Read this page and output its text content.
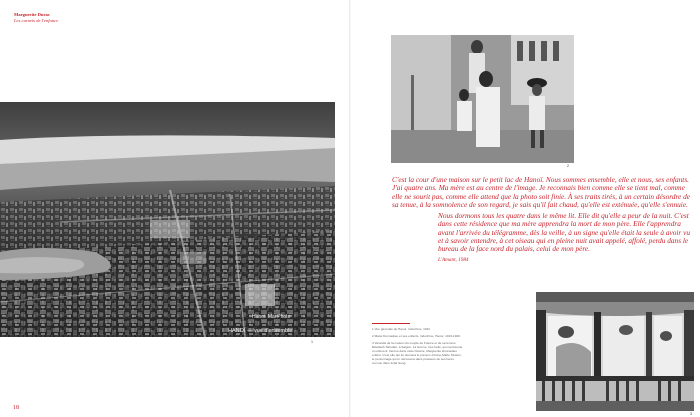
Marguerite Duras
Les carnets de l'enfance
Hanoi. Mai Photo
HANOÏ — vue d'ensemble
1
2

C'est la cour d'une maison sur le petit lac de Hanoï. Nous sommes ensemble, elle et nous, ses enfants. J'ai quatre ans. Ma mère est au centre de l'image. Je reconnais bien comme elle se tient mal, comme elle ne sourit pas, comme elle attend que la photo soit finie. À ses traits tirés, à un certain désordre de sa tenue, à la somnolence de son regard, je sais qu'il fait chaud, qu'elle est exténuée, qu'elle s'ennuie.

Nous dormons tous les quatre dans le même lit. Elle dit qu'elle a peur de la nuit. C'est dans cette résidence que ma mère apprendra la mort de mon père. Elle l'apprendra avant l'arrivée du télégramme, dès la veille, à un signe qu'elle était la seule à avoir vu et à savoir entendre, à cet oiseau qui en pleine nuit avait appelé, affolé, perdu dans le bureau de la face nord du palais, celui de mon père.

L'Amant, 1984

1 Vue générale de Hanoï, Indochine, 1931

2 Marie Donnadieu et ses enfants, Indochine, Hanoï, 1919-1920.

3 Veranda de la maison du couple de France et de sa femme Elisabeth Striedter, à Saigon. La femme, très belle, qui représente un élément, hérone dans cette histoire, Marguerite Donnadieu enfant. C'est elle qui lui donnera le prénom d'Anne-Marie Stretter, le personnage qu'on retrouvera dans plusieurs de ses livres, comme dans India Song.

3
18
